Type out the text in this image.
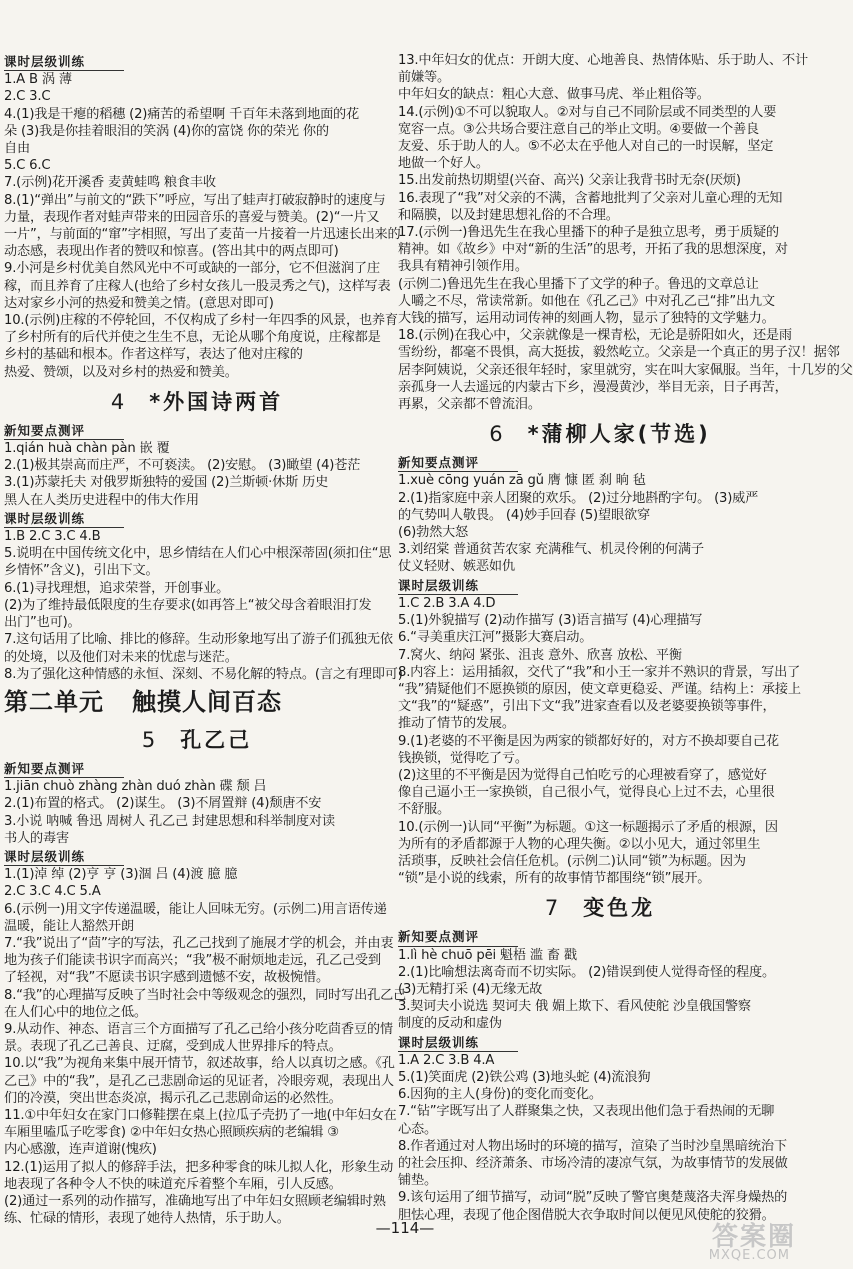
课时层级训练
1.A B 涡 薄
2.C 3.C
4.(1)我是干瘪的稻穗 (2)痛苦的希望啊 千百年未落到地面的花
朵 (3)我是你挂着眼泪的笑涡 (4)你的富饶 你的荣光 你的
自由
5.C 6.C
7.(示例)花开溪香 麦黄蛙鸣 粮食丰收
8.(1)“弹出”与前文的“跌下”呼应，写出了蛙声打破寂静时的速度与
力量，表现作者对蛙声带来的田园音乐的喜爱与赞美。(2)“一片又
一片”，与前面的“窜”字相照，写出了麦苗一片接着一片迅速长出来的
动态感，表现出作者的赞叹和惊喜。(答出其中的两点即可)
9.小河是乡村优美自然风光中不可或缺的一部分，它不但滋润了庄
稼，而且养育了庄稼人(也给了乡村女孩儿一股灵秀之气)，这样写表
达对家乡小河的热爱和赞美之情。(意思对即可)
10.(示例)庄稼的不停轮回，不仅构成了乡村一年四季的风景，也养育
了乡村所有的后代并使之生生不息，无论从哪个角度说，庄稼都是
乡村的基础和根本。作者这样写，表达了他对庄稼的
热爱、赞颂，以及对乡村的热爱和赞美。
4 *外国诗两首
新知要点测评
1.qián huà chàn pàn 嵌 覆
2.(1)极其崇高而庄严，不可亵渎。 (2)安慰。 (3)瞰望 (4)苍茫
3.(1)苏蒙托夫 对俄罗斯独特的爱国 (2)兰斯顿·休斯 历史
黑人在人类历史进程中的伟大作用
课时层级训练
1.B 2.C 3.C 4.B
5.说明在中国传统文化中，思乡情结在人们心中根深蒂固(须扣住“思
乡情怀”含义)，引出下文。
6.(1)寻找理想，追求荣誉，开创事业。
(2)为了维持最低限度的生存要求(如再答上“被父母含着眼泪打发
出门”也可)。
7.这句话用了比喻、排比的修辞。生动形象地写出了游子们孤独无依
的处境，以及他们对未来的忧虑与迷茫。
8.为了强化这种情感的永恒、深刻、不易化解的特点。(言之有理即可)
第二单元 触摸人间百态
5 孔乙己
新知要点测评
1.jiān chuò zhàng zhàn duó zhàn 碟 颓 吕
2.(1)布置的格式。 (2)谋生。 (3)不屑置辩 (4)颓唐不安
3.小说 呐喊 鲁迅 周树人 孔乙己 封建思想和科举制度对读
书人的毒害
课时层级训练
1.(1)淖 绰 (2)亨 亨 (3)涸 吕 (4)渡 臆 臆
2.C 3.C 4.C 5.A
6.(示例一)用文字传递温暖，能让人回味无穷。(示例二)用言语传递
温暖，能让人豁然开朗
7.“我”说出了“茴”字的写法，孔乙己找到了施展才学的机会，并由衷
地为孩子们能读书识字而高兴；“我”极不耐烦地走远，孔乙己受到
了轻视，对“我”不愿读书识字感到遗憾不安，故极惋惜。
8.“我”的心理描写反映了当时社会中等级观念的强烈，同时写出孔乙己
在人们心中的地位之低。
9.从动作、神态、语言三个方面描写了孔乙己给小孩分吃茴香豆的情
景。表现了孔乙己善良、迂腐，受到成人世界排斥的特点。
10.以“我”为视角来集中展开情节，叙述故事，给人以真切之感。《孔
乙己》中的“我”，是孔乙己悲剧命运的见证者，冷眼旁观，表现出人
们的冷漠，突出世态炎凉，揭示孔乙己悲剧命运的必然性。
11.①中年妇女在家门口修鞋摆在桌上(拉瓜子壳扔了一地(中年妇女在
车厢里嗑瓜子吃零食) ②中年妇女热心照顾疾病的老编辑 ③
内心感激，连声道谢(愧疚)
12.(1)运用了拟人的修辞手法，把多种零食的味儿拟人化，形象生动
地表现了各种令人不快的味道充斥着整个车厢，引人反感。
(2)通过一系列的动作描写，准确地写出了中年妇女照顾老编辑时熟
练、忙碌的情形，表现了她待人热情，乐于助人。
13.中年妇女的优点：开朗大度、心地善良、热情体贴、乐于助人、不计
前嫌等。
中年妇女的缺点：粗心大意、做事马虎、举止粗俗等。
14.(示例)①不可以貌取人。②对与自己不同阶层或不同类型的人要
宽容一点。③公共场合要注意自己的举止文明。④要做一个善良
友爱、乐于助人的人。⑤不必太在乎他人对自己的一时误解，坚定
地做一个好人。
15.出发前热切期望(兴奋、高兴) 父亲让我背书时无奈(厌烦)
16.表现了“我”对父亲的不满，含蓄地批判了父亲对儿童心理的无知
和隔膜，以及封建思想礼俗的不合理。
17.(示例一)鲁迅先生在我心里播下的种子是独立思考，勇于质疑的
精神。如《故乡》中对“新的生活”的思考，开拓了我的思想深度，对
我具有精神引领作用。
(示例二)鲁迅先生在我心里播下了文学的种子。鲁迅的文章总让
人嚼之不尽，常读常新。如他在《孔乙己》中对孔乙己“排”出九文
大钱的描写，运用动词传神的刻画人物，显示了独特的文学魅力。
18.(示例)在我心中，父亲就像是一棵青松，无论是骄阳如火，还是雨
雪纷纷，都毫不畏惧，高大挺拔，毅然屹立。父亲是一个真正的男子汉！据邻
居李阿姨说，父亲还很年轻时，家里就穷，实在叫大家佩服。当年，十几岁的父
亲孤身一人去遥远的内蒙古下乡，漫漫黄沙，举目无亲，日子再苦，
再累，父亲都不曾流泪。
6 *蒲柳人家(节选)
新知要点测评
1.xuè cōng yuán zā gǔ 膺 慷 匿 刹 晌 毡
2.(1)指家庭中亲人团聚的欢乐。 (2)过分地斟酌字句。 (3)威严
的气势叫人敬畏。 (4)妙手回春 (5)望眼欲穿
(6)勃然大怒
3.刘绍棠 普通贫苦农家 充满稚气、机灵伶俐的何满子
仗义轻财、嫉恶如仇
课时层级训练
1.C 2.B 3.A 4.D
5.(1)外貌描写 (2)动作描写 (3)语言描写 (4)心理描写
6.“寻美重庆江河”摄影大赛启动。
7.窝火、纳闷 紧张、沮丧 意外、欣喜 放松、平衡
8.内容上：运用插叙，交代了“我”和小王一家并不熟识的背景，写出了
“我”猜疑他们不愿换锁的原因，使文章更稳妥、严谨。结构上：承接上
文“我”的“疑惑”，引出下文“我”进家查看以及老婆要换锁等事件，
推动了情节的发展。
9.(1)老婆的不平衡是因为两家的锁都好好的，对方不换却要自己花
钱换锁，觉得吃了亏。
(2)这里的不平衡是因为觉得自己怕吃亏的心理被看穿了，感觉好
像自己逼小王一家换锁，自己很小气，觉得良心上过不去，心里很
不舒服。
10.(示例一)认同“平衡”为标题。①这一标题揭示了矛盾的根源，因
为所有的矛盾都源于人物的心理失衡。②以小见大，通过邻里生
活琐事，反映社会信任危机。(示例二)认同“锁”为标题。因为
“锁”是小说的线索，所有的故事情节都围绕“锁”展开。
7 变色龙
新知要点测评
1.lì hè chuō pēi 魁梧 滥 畜 戳
2.(1)比喻想法离奇而不切实际。 (2)错误到使人觉得奇怪的程度。
(3)无精打采 (4)无缘无故
3.契诃夫小说选 契诃夫 俄 媚上欺下、看风使舵 沙皇俄国警察
制度的反动和虚伪
课时层级训练
1.A 2.C 3.B 4.A
5.(1)笑面虎 (2)铁公鸡 (3)地头蛇 (4)流浪狗
6.因狗的主人(身份)的变化而变化。
7.“钻”字既写出了人群聚集之快，又表现出他们急于看热闹的无聊
心态。
8.作者通过对人物出场时的环境的描写，渲染了当时沙皇黑暗统治下
的社会压抑、经济萧条、市场冷清的凄凉气氛，为故事情节的发展做
铺垫。
9.该句运用了细节描写，动词“脱”反映了警官奥楚蔑洛夫浑身燥热的
胆怯心理，表现了他企图借脱大衣争取时间以便见风使舵的狡猾。
—114—	答案圈
MXQE.COM
